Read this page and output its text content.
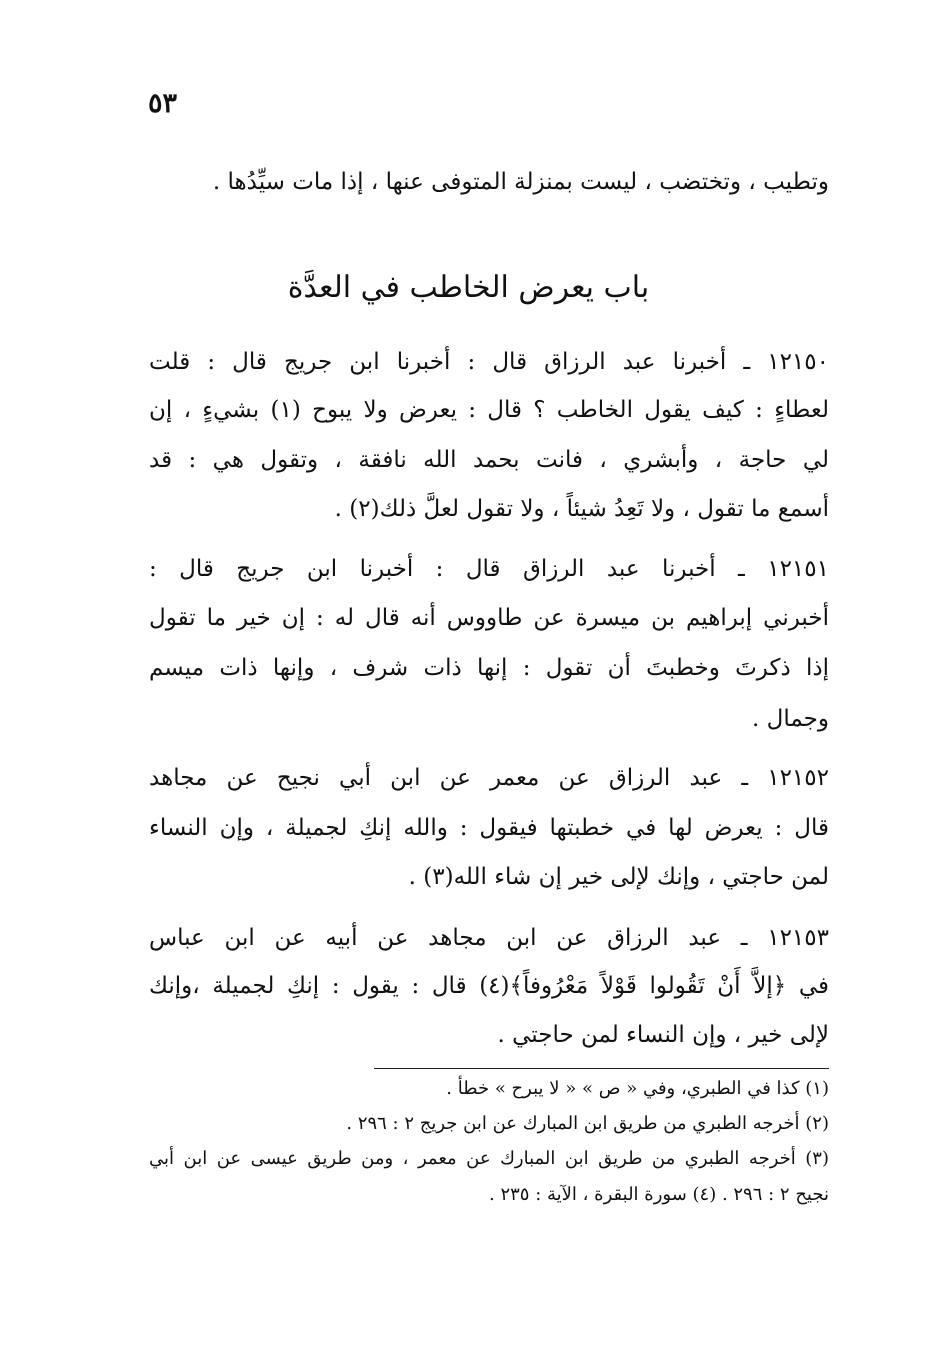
٥٣
وتطيب ، وتختضب ، ليست بمنزلة المتوفى عنها ، إذا مات سيِّدُها .
باب يعرض الخاطب في العدَّة
١٢١٥٠ ـ أخبرنا عبد الرزاق قال : أخبرنا ابن جريج قال : قلت
لعطاءٍ : كيف يقول الخاطب ؟ قال : يعرض ولا يبوح (١) بشيءٍ ، إن
لي حاجة ، وأبشري ، فانت بحمد الله نافقة ، وتقول هي : قد
أسمع ما تقول ، ولا تَعِدُ شيئاً ، ولا تقول لعلَّ ذلك(٢) .
١٢١٥١ ـ أخبرنا عبد الرزاق قال : أخبرنا ابن جريج قال :
أخبرني إبراهيم بن ميسرة عن طاووس أنه قال له : إن خير ما تقول
إذا ذكرتَ وخطبتَ أن تقول : إنها ذات شرف ، وإنها ذات ميسم
وجمال .
١٢١٥٢ ـ عبد الرزاق عن معمر عن ابن أبي نجيح عن مجاهد
قال : يعرض لها في خطبتها فيقول : والله إنكِ لجميلة ، وإن النساء
لمن حاجتي ، وإنك لإلى خير إن شاء الله(٣) .
١٢١٥٣ ـ عبد الرزاق عن ابن مجاهد عن أبيه عن ابن عباس
في ﴿إلاَّ أَنْ تَقُولوا قَوْلاً مَعْرُوفاً﴾(٤) قال : يقول : إنكِ لجميلة ،وإنك
لإلى خير ، وإن النساء لمن حاجتي .
(١) كذا في الطبري، وفي « ص » « لا يبرح » خطأ .
(٢) أخرجه الطبري من طريق ابن المبارك عن ابن جريج ٢ : ٢٩٦ .
(٣) أخرجه الطبري من طريق ابن المبارك عن معمر ، ومن طريق عيسى عن ابن أبي
نجيح ٢ : ٢٩٦ . (٤) سورة البقرة ، الآية : ٢٣٥ .
